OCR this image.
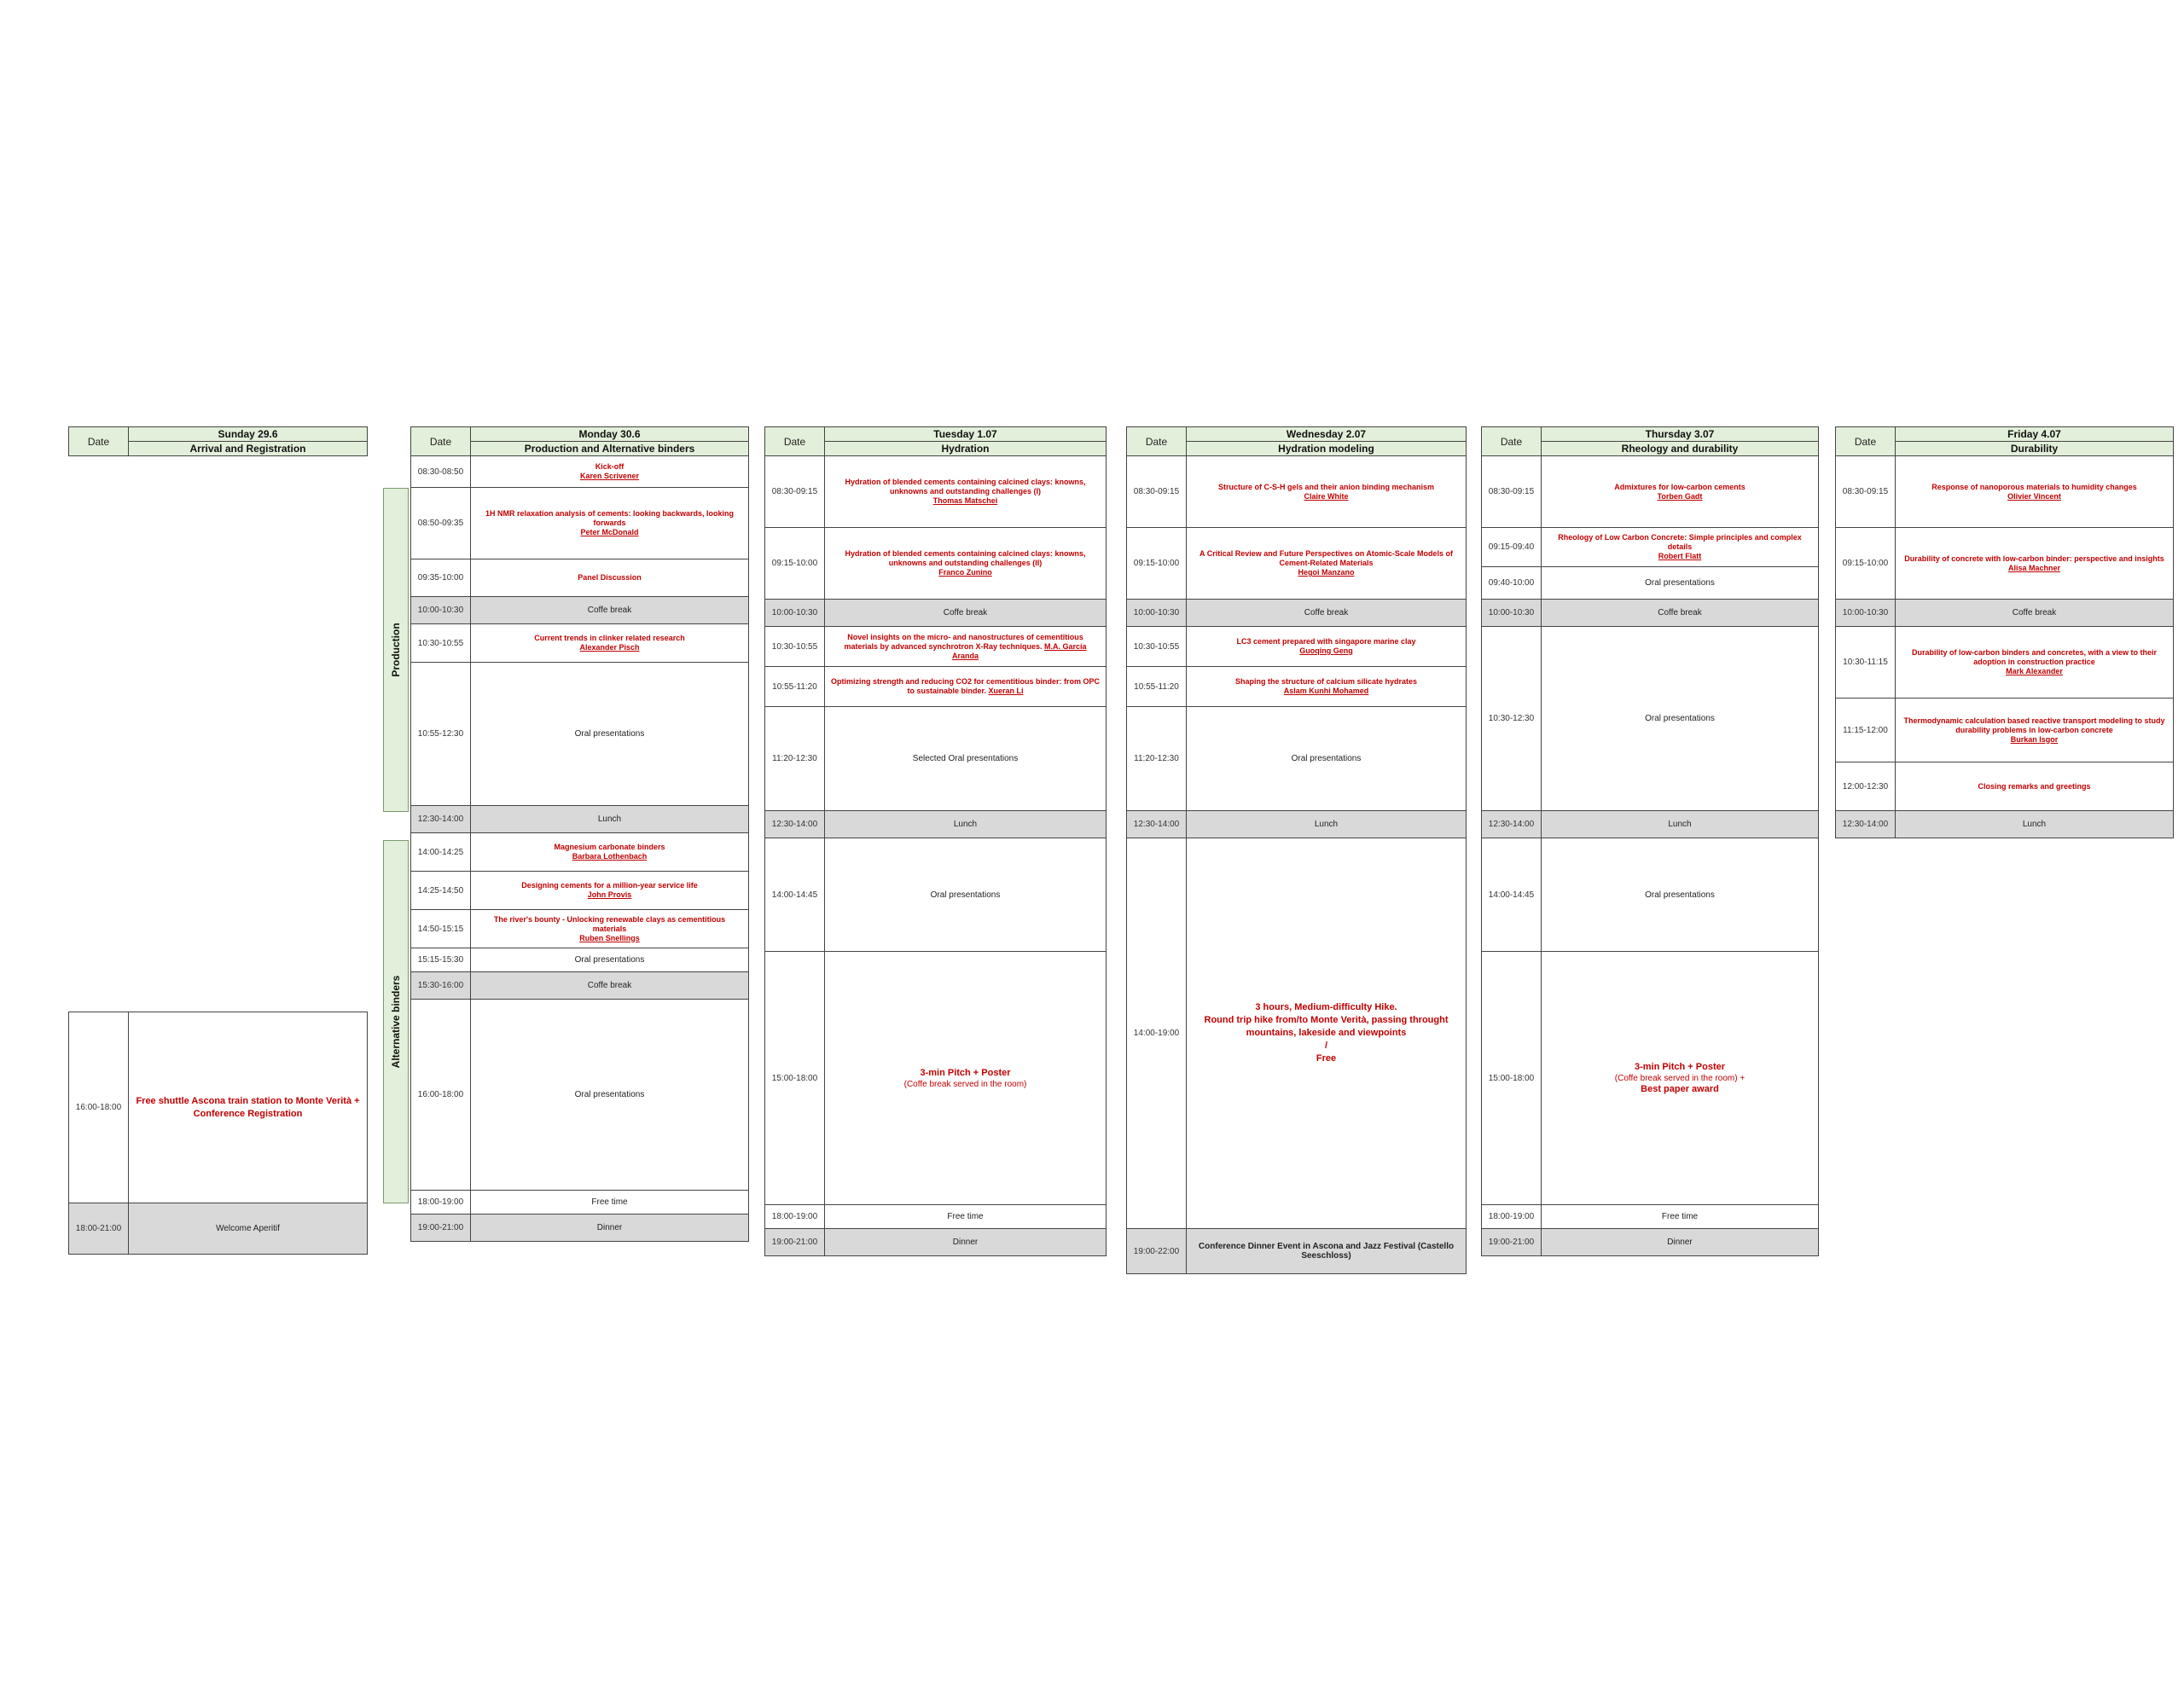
Date	Sunday 29.6
Arrival and Registration
16:00-18:00	Free shuttle Ascona train station to Monte Verità + Conference Registration

18:00-21:00	Welcome Aperitif
Production
Alternative binders
Date	Monday 30.6
	Production and Alternative binders
08:30-08:50	Kick-off
Karen Scrivener

08:50-09:35	1H NMR relaxation analysis of cements: looking backwards, looking forwards
Peter McDonald

09:35-10:00	Panel Discussion

10:00-10:30	Coffe break
10:30-10:55	Current trends in clinker related research
Alexander Pisch

10:55-12:30	Oral presentations
12:30-14:00	Lunch
14:00-14:25	Magnesium carbonate binders
Barbara Lothenbach

14:25-14:50	Designing cements for a million-year service life
John Provis

14:50-15:15	The river's bounty - Unlocking renewable clays as cementitious materials
Ruben Snellings

15:15-15:30	Oral presentations
15:30-16:00	Coffe break
16:00-18:00	Oral presentations
18:00-19:00	Free time
19:00-21:00	Dinner
Date	Tuesday 1.07
	Hydration
08:30-09:15	Hydration of blended cements containing calcined clays: knowns, unknowns and outstanding challenges (I)
Thomas Matschei

09:15-10:00	Hydration of blended cements containing calcined clays: knowns, unknowns and outstanding challenges (II)
Franco Zunino

10:00-10:30	Coffe break
10:30-10:55	Novel insights on the micro- and nanostructures of cementitious materials by advanced synchrotron X-Ray techniques. M.A. García Aranda

10:55-11:20	Optimizing strength and reducing CO2 for cementitious binder: from OPC to sustainable binder. Xueran Li

11:20-12:30	Selected Oral presentations
12:30-14:00	Lunch
14:00-14:45	Oral presentations
15:00-18:00	3-min Pitch + Poster
(Coffe break served in the room)

18:00-19:00	Free time
19:00-21:00	Dinner
Date	Wednesday 2.07
	Hydration modeling
08:30-09:15	Structure of C-S-H gels and their anion binding mechanism
Claire White

09:15-10:00	A Critical Review and Future Perspectives on Atomic-Scale Models of Cement-Related Materials
Hegoi Manzano

10:00-10:30	Coffe break
10:30-10:55	LC3 cement prepared with singapore marine clay
Guoqing Geng

10:55-11:20	Shaping the structure of calcium silicate hydrates
Aslam Kunhi Mohamed

11:20-12:30	Oral presentations
12:30-14:00	Lunch
14:00-19:00	3 hours, Medium-difficulty Hike.
Round trip hike from/to Monte Verità, passing throught mountains, lakeside and viewpoints
/
Free

19:00-22:00	Conference Dinner Event in Ascona and Jazz Festival (Castello Seeschloss)
Date	Thursday 3.07
	Rheology and durability
08:30-09:15	Admixtures for low-carbon cements
Torben Gadt

09:15-09:40	Rheology of Low Carbon Concrete: Simple principles and complex details
Robert Flatt

09:40-10:00	Oral presentations
10:00-10:30	Coffe break
10:30-12:30	Oral presentations
12:30-14:00	Lunch
14:00-14:45	Oral presentations
15:00-18:00	3-min Pitch + Poster
(Coffe break served in the room) +
Best paper award

18:00-19:00	Free time
19:00-21:00	Dinner
Date	Friday 4.07
	Durability
08:30-09:15	Response of nanoporous materials to humidity changes
Olivier Vincent

09:15-10:00	Durability of concrete with low-carbon binder: perspective and insights
Alisa Machner

10:00-10:30	Coffe break
10:30-11:15	Durability of low-carbon binders and concretes, with a view to their adoption in construction practice
Mark Alexander

11:15-12:00	Thermodynamic calculation based reactive transport modeling to study durability problems in low-carbon concrete
Burkan Isgor

12:00-12:30	Closing remarks and greetings

12:30-14:00	Lunch
